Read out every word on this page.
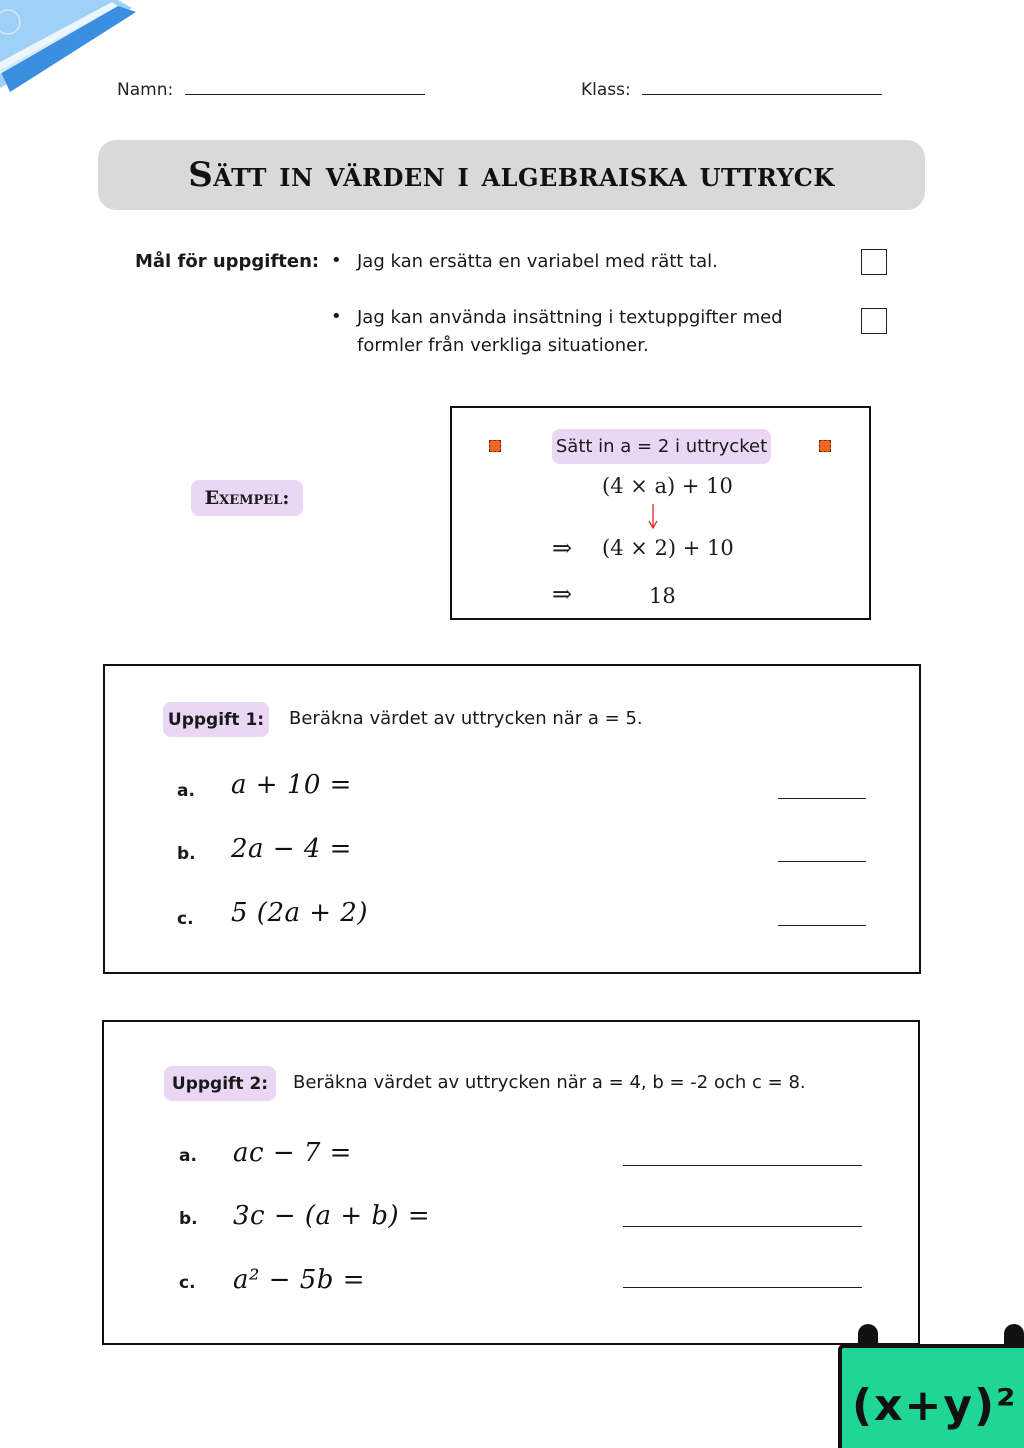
Namn:	Klass:
Sätt in värden i algebraiska uttryck
Mål för uppgiften: • Jag kan ersätta en variabel med rätt tal.
• Jag kan använda insättning i textuppgifter med formler från verkliga situationer.
Exempel:
Sätt in a = 2 i uttrycket
(4 × a) + 10
⇒ (4 × 2) + 10
⇒	18
Uppgift 1: Beräkna värdet av uttrycken när a = 5.
a. a + 10 =
b. 2a − 4 =
c. 5 (2a + 2)
Uppgift 2: Beräkna värdet av uttrycken när a = 4, b = -2 och c = 8.
a. ac − 7 =
b. 3c − (a + b) =
c. a² − 5b =
(x+y)²
